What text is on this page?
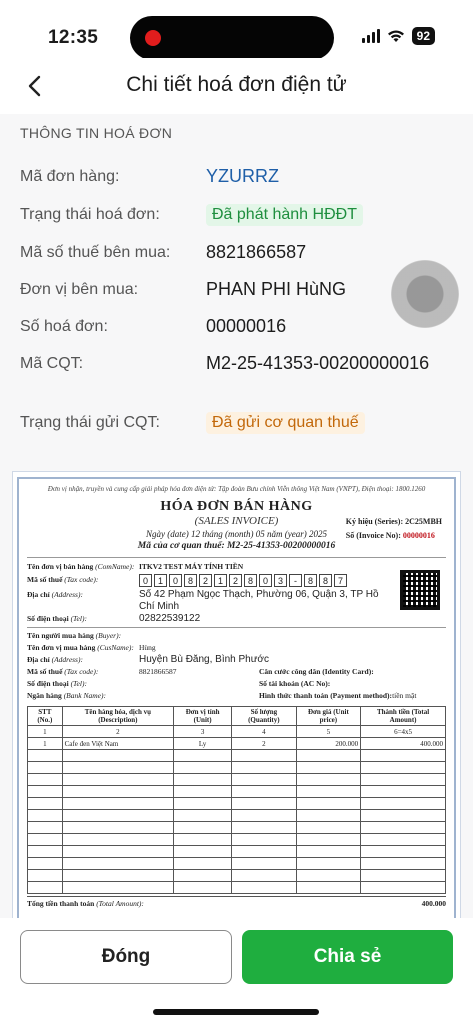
12:35	92
Chi tiết hoá đơn điện tử
THÔNG TIN HOÁ ĐƠN
Mã đơn hàng:	YZURRZ
Trạng thái hoá đơn:	Đã phát hành HĐĐT
Mã số thuế bên mua:	8821866587
Đơn vị bên mua:	PHAN PHI HùNG
Số hoá đơn:	00000016
Mã CQT:	M2-25-41353-00200000016
Trạng thái gửi CQT:	Đã gửi cơ quan thuế
Đơn vị nhận, truyền và cung cấp giải pháp hóa đơn điện tử: Tập đoàn Bưu chính Viễn thông Việt Nam (VNPT), Điện thoại: 1800.1260
HÓA ĐƠN BÁN HÀNG
(SALES INVOICE)
Ngày (date) 12 tháng (month) 05 năm (year) 2025
Mã của cơ quan thuế: M2-25-41353-00200000016
Ký hiệu (Series): 2C25MBH
Số (Invoice No): 00000016
Tên đơn vị bán hàng (ComName): ITKV2 TEST MÁY TÍNH TIỀN
Mã số thuế (Tax code):	0	1	0	8	2	1	2	8	0	3	-	8	8	7
Địa chỉ (Address):	Số 42 Phạm Ngọc Thạch, Phường 06, Quận 3, TP Hồ Chí Minh
Số điện thoại (Tel):	02822539122
Tên người mua hàng (Buyer):
Tên đơn vị mua hàng (CusName): Hùng
Địa chỉ (Address):	Huyện Bù Đăng, Bình Phước
Mã số thuế (Tax code):	8821866587	Căn cước công dân (Identity Card):
Số điện thoại (Tel):	Số tài khoản (AC No):
Ngân hàng (Bank Name):	Hình thức thanh toán (Payment method): tiền mặt
STT (No.)	Tên hàng hóa, dịch vụ (Description)	Đơn vị tính (Unit)	Số lượng (Quantity)	Đơn giá (Unit price)	Thành tiền (Total Amount)
1	2	3	4	5	6=4x5
1	Cafe đen Việt Nam	Ly	2	200.000	400.000

Tổng tiền thanh toán (Total Amount):	400.000
Đóng	Chia sẻ
